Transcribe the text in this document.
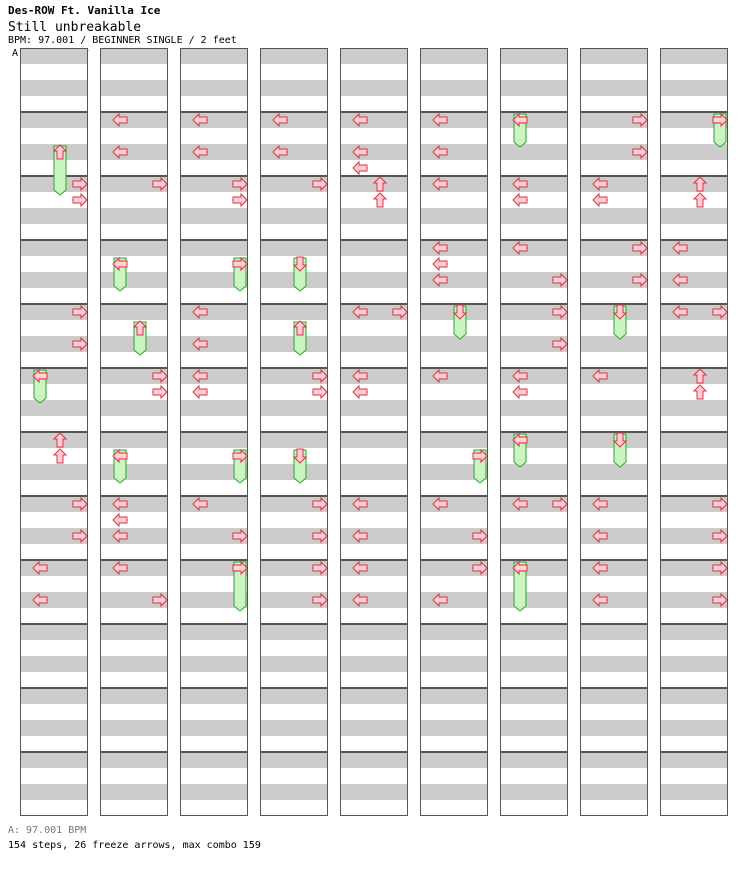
Des-ROW Ft. Vanilla Ice
Still unbreakable
BPM: 97.001 / BEGINNER SINGLE / 2 feet
A
A: 97.001 BPM
154 steps, 26 freeze arrows, max combo 159
